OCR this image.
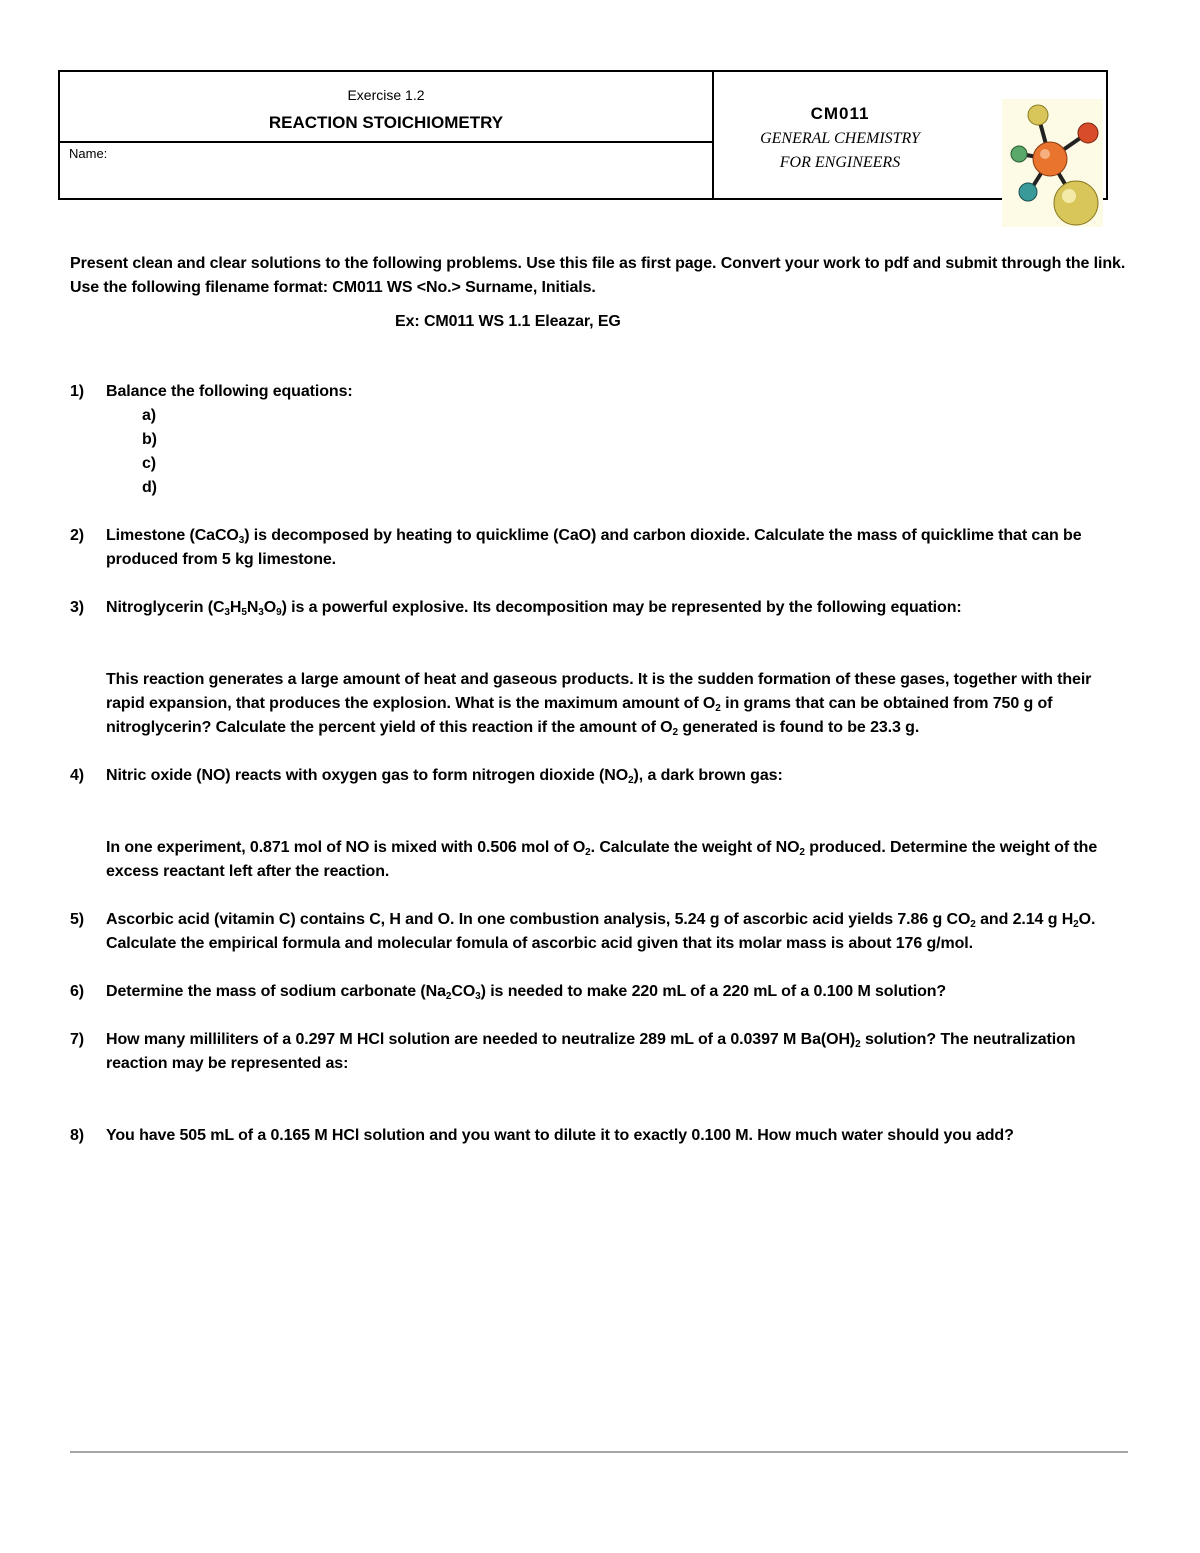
Exercise 1.2
REACTION STOICHIOMETRY
Name:
CM011
GENERAL CHEMISTRY
FOR ENGINEERS

Present clean and clear solutions to the following problems. Use this file as first page. Convert your work to pdf and submit through the link. Use the following filename format: CM011 WS <No.> Surname, Initials.

Ex: CM011 WS 1.1 Eleazar, EG

1) Balance the following equations:
a)
b)
c)
d)
2) Limestone (CaCO$_3$) is decomposed by heating to quicklime (CaO) and carbon dioxide. Calculate the mass of quicklime that can be produced from 5 kg limestone.
3) Nitroglycerin $(C_3H_5N_3O_9)$ is a powerful explosive. Its decomposition may be represented by the following equation:
This reaction generates a large amount of heat and gaseous products. It is the sudden formation of these gases, together with their rapid expansion, that produces the explosion. What is the maximum amount of $O_2$ in grams that can be obtained from 750 g of nitroglycerin? Calculate the percent yield of this reaction if the amount of $O_2$ generated is found to be 23.3 g.
4) Nitric oxide (NO) reacts with oxygen gas to form nitrogen dioxide $(NO_2)$, a dark brown gas:
In one experiment, 0.871 mol of NO is mixed with 0.506 mol of $O_2$. Calculate the weight of $NO_2$ produced. Determine the weight of the excess reactant left after the reaction.
5) Ascorbic acid (vitamin C) contains C, H and O. In one combustion analysis, 5.24 g of ascorbic acid yields 7.86 g $CO_2$ and 2.14 g $H_2O$. Calculate the empirical formula and molecular fomula of ascorbic acid given that its molar mass is about 176 g/mol.
6) Determine the mass of sodium carbonate $(Na_2CO_3)$ is needed to make 220 mL of a 220 mL of a 0.100 M solution?
7) How many milliliters of a 0.297 M HCl solution are needed to neutralize 289 mL of a 0.0397 M $Ba(OH)_2$ solution? The neutralization reaction may be represented as:
8) You have 505 mL of a 0.165 M HCl solution and you want to dilute it to exactly 0.100 M. How much water should you add?
